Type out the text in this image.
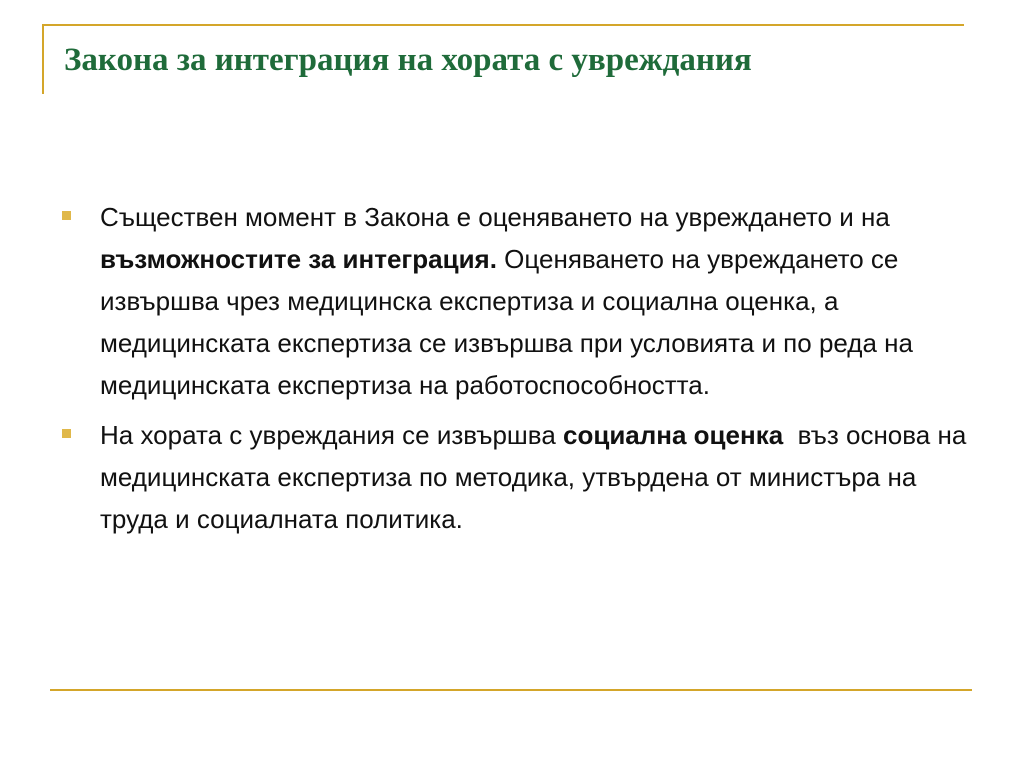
Закона за интеграция на хората с увреждания
Съществен момент в Закона е оценяването на увреждането и на възможностите за интеграция. Оценяването на увреждането се извършва чрез медицинска експертиза и социална оценка, а медицинската експертиза се извършва при условията и по реда на медицинската експертиза на работоспособността.
На хората с увреждания се извършва социална оценка  въз основа на медицинската експертиза по методика, утвърдена от министъра на труда и социалната политика.
